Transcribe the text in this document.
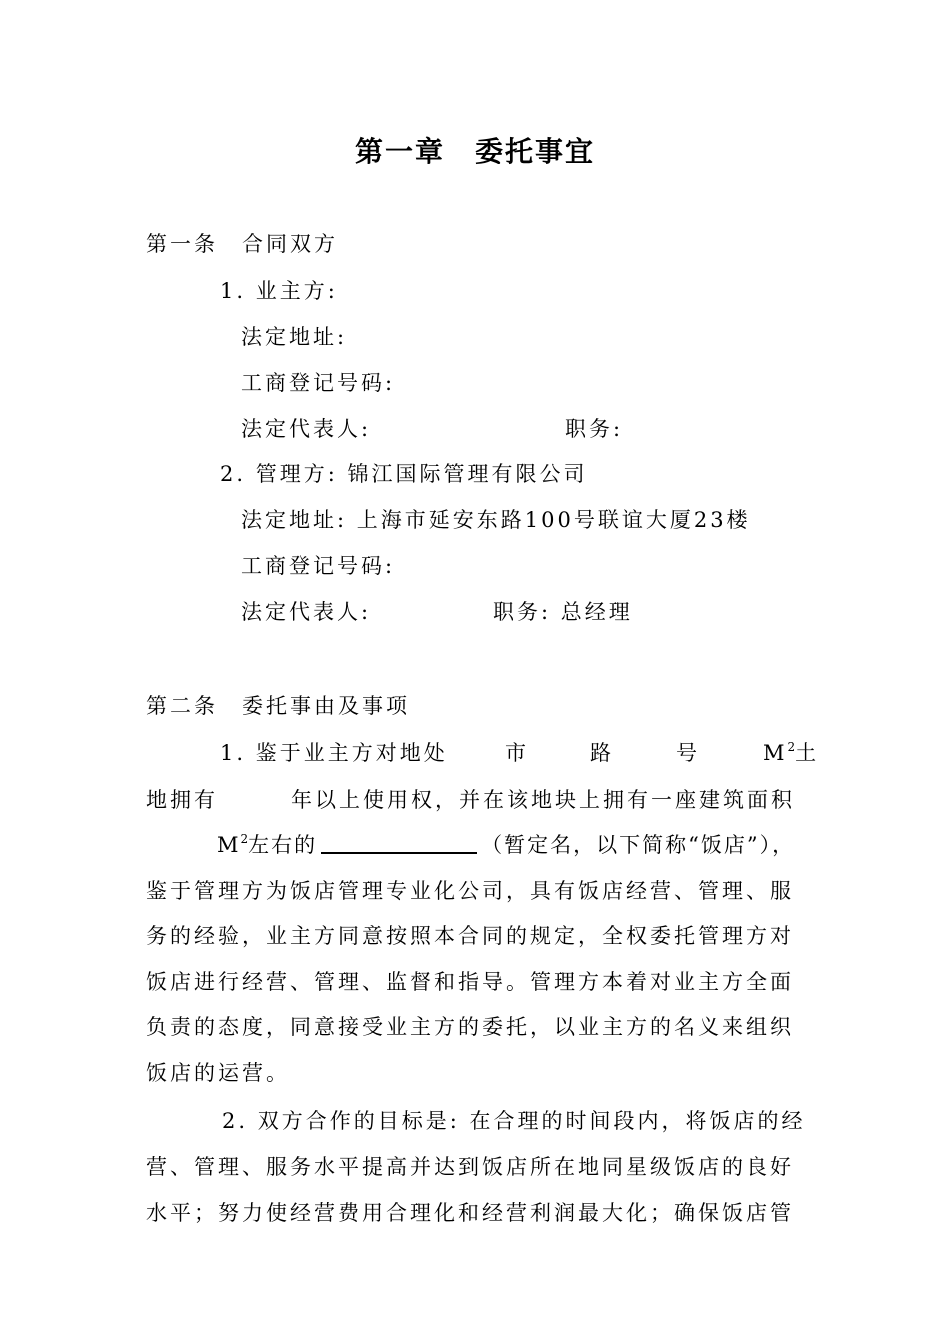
第一章　委托事宜
第一条　合同双方
1. 业主方:
法定地址:
工商登记号码:
法定代表人:	职务:
2. 管理方: 锦江国际管理有限公司
法定地址: 上海市延安东路100号联谊大厦23楼
工商登记号码:
法定代表人:	职务: 总经理
第二条　委托事由及事项
1. 鉴于业主方对地处	市	路	号	$M^2$土
地拥有	年以上使用权，并在该地块上拥有一座建筑面积
$M^2$左右的	（暂定名，以下简称“饭店”），
鉴于管理方为饭店管理专业化公司，具有饭店经营、管理、服
务的经验，业主方同意按照本合同的规定，全权委托管理方对
饭店进行经营、管理、监督和指导。管理方本着对业主方全面
负责的态度，同意接受业主方的委托，以业主方的名义来组织
饭店的运营。
2. 双方合作的目标是: 在合理的时间段内，将饭店的经
营、管理、服务水平提高并达到饭店所在地同星级饭店的良好
水平；努力使经营费用合理化和经营利润最大化；确保饭店管
